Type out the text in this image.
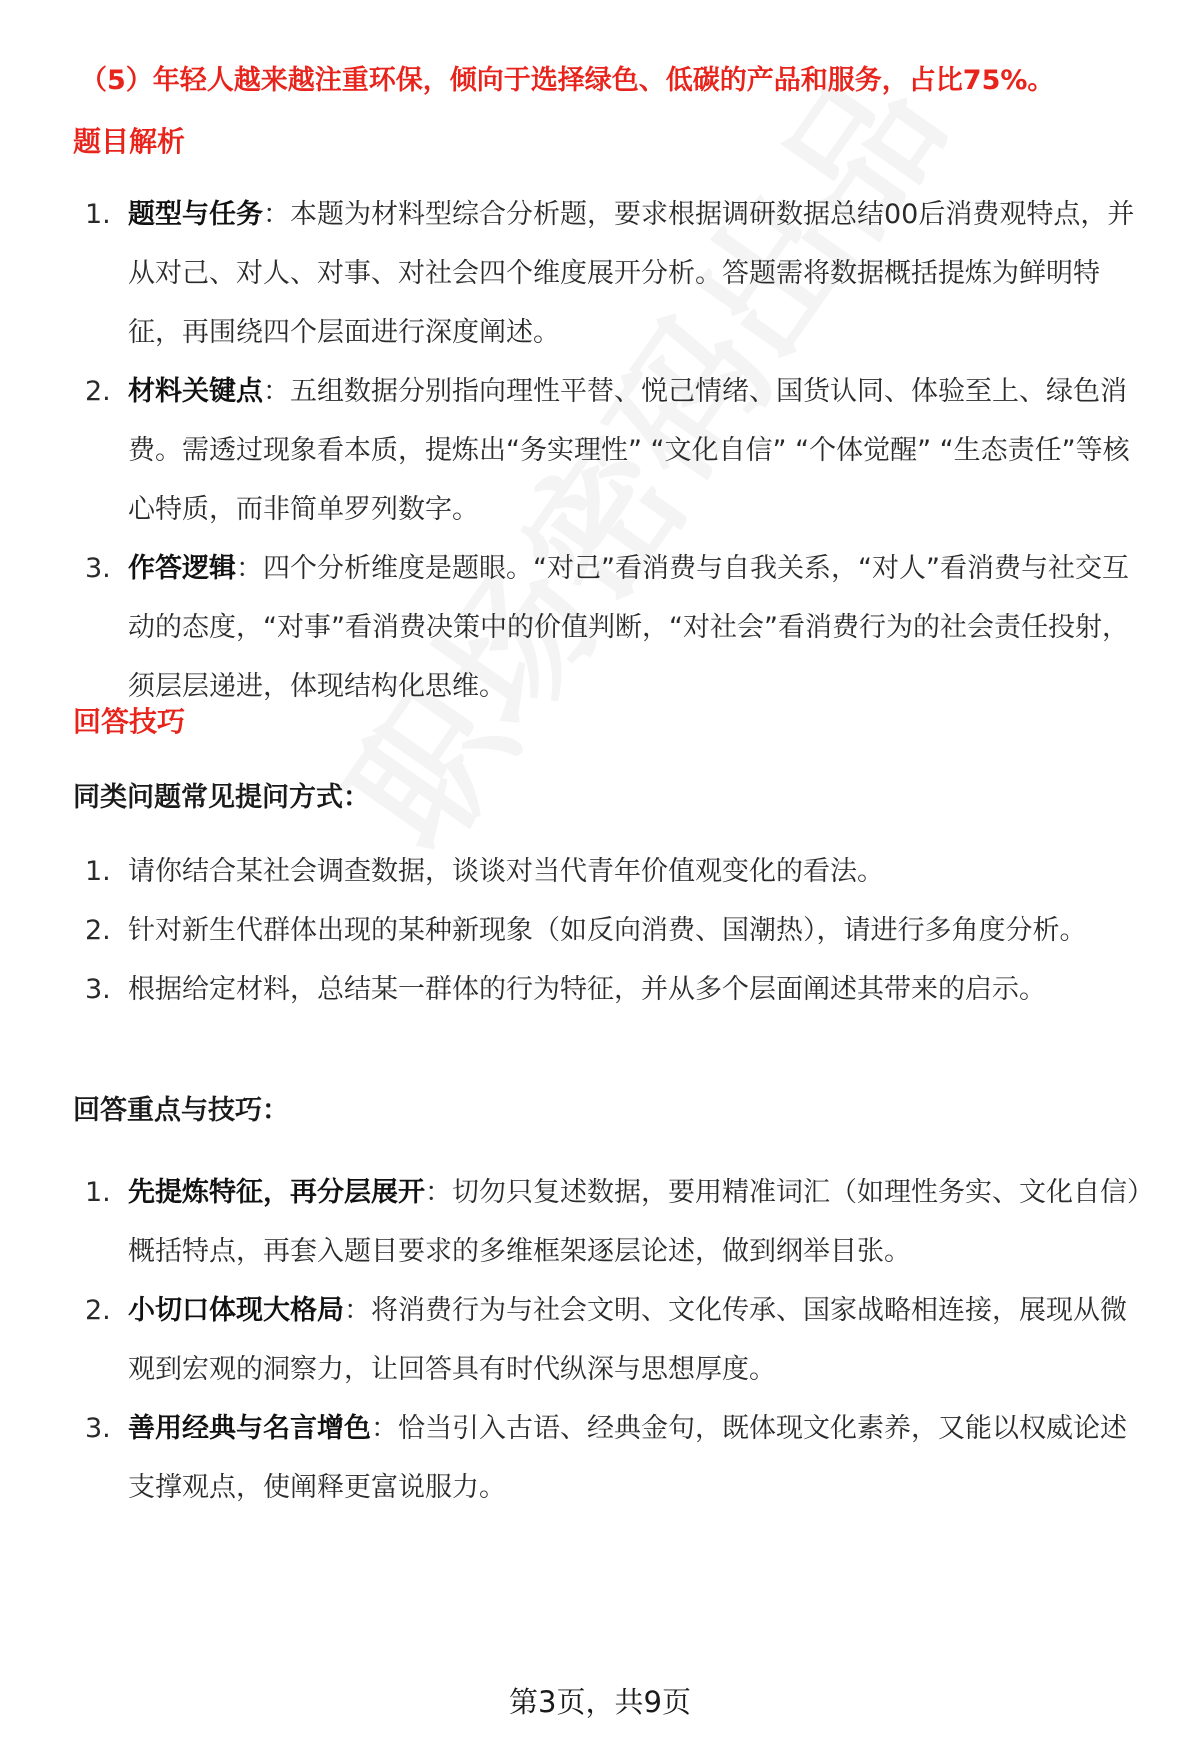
（5）年轻人越来越注重环保，倾向于选择绿色、低碳的产品和服务，占比75%。
题目解析
1. 题型与任务：本题为材料型综合分析题，要求根据调研数据总结00后消费观特点，并从对己、对人、对事、对社会四个维度展开分析。答题需将数据概括提炼为鲜明特征，再围绕四个层面进行深度阐述。
2. 材料关键点：五组数据分别指向理性平替、悦己情绪、国货认同、体验至上、绿色消费。需透过现象看本质，提炼出“务实理性” “文化自信” “个体觉醒” “生态责任”等核心特质，而非简单罗列数字。
3. 作答逻辑：四个分析维度是题眼。“对己”看消费与自我关系，“对人”看消费与社交互动的态度，“对事”看消费决策中的价值判断，“对社会”看消费行为的社会责任投射，须层层递进，体现结构化思维。
回答技巧
同类问题常见提问方式：
1. 请你结合某社会调查数据，谈谈对当代青年价值观变化的看法。
2. 针对新生代群体出现的某种新现象（如反向消费、国潮热），请进行多角度分析。
3. 根据给定材料，总结某一群体的行为特征，并从多个层面阐述其带来的启示。
回答重点与技巧：
1. 先提炼特征，再分层展开：切勿只复述数据，要用精准词汇（如理性务实、文化自信）概括特点，再套入题目要求的多维框架逐层论述，做到纲举目张。
2. 小切口体现大格局：将消费行为与社会文明、文化传承、国家战略相连接，展现从微观到宏观的洞察力，让回答具有时代纵深与思想厚度。
3. 善用经典与名言增色：恰当引入古语、经典金句，既体现文化素养，又能以权威论述支撑观点，使阐释更富说服力。
第3页，共9页
